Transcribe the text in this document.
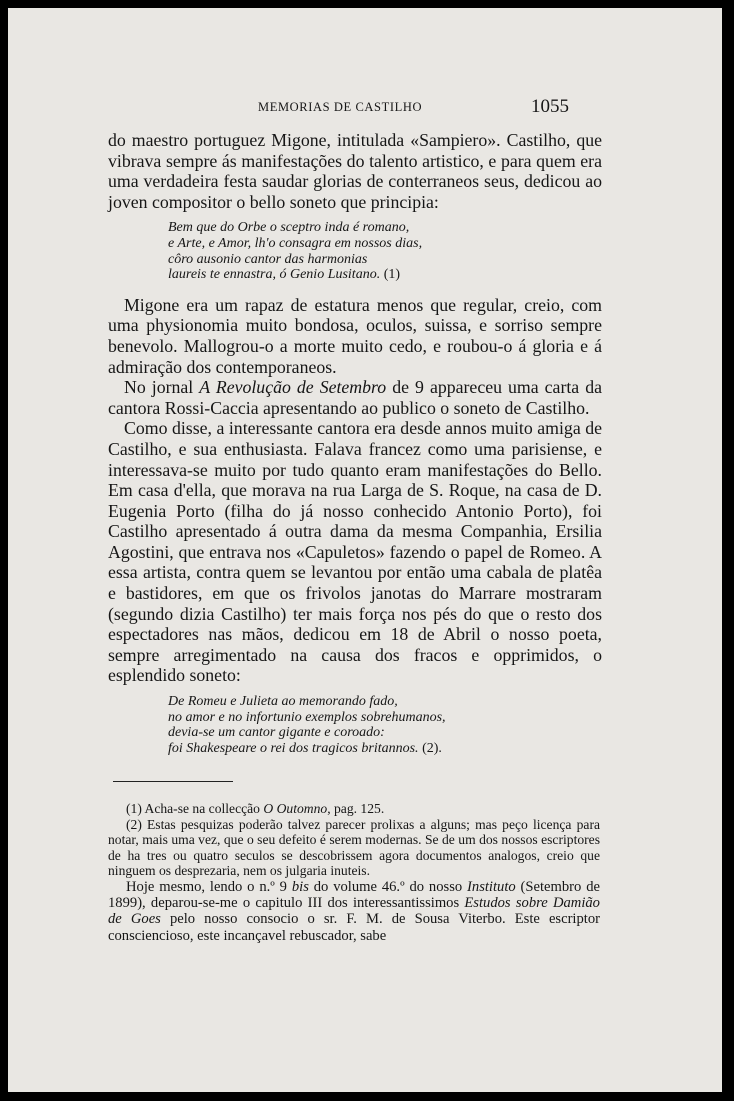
MEMORIAS DE CASTILHO	1055

do maestro portuguez Migone, intitulada «Sampiero». Castilho, que vibrava sempre ás manifestações do talento artistico, e para quem era uma verdadeira festa saudar glorias de conterraneos seus, dedicou ao joven compositor o bello soneto que principia:

Bem que do Orbe o sceptro inda é romano,
e Arte, e Amor, lh'o consagra em nossos dias,
côro ausonio cantor das harmonias
laureis te ennastra, ó Genio Lusitano. (1)

Migone era um rapaz de estatura menos que regular, creio, com uma physionomia muito bondosa, oculos, suissa, e sorriso sempre benevolo. Mallogrou-o a morte muito cedo, e roubou-o á gloria e á admiração dos contemporaneos.

No jornal A Revolução de Setembro de 9 appareceu uma carta da cantora Rossi-Caccia apresentando ao publico o soneto de Castilho.

Como disse, a interessante cantora era desde annos muito amiga de Castilho, e sua enthusiasta. Falava francez como uma parisiense, e interessava-se muito por tudo quanto eram manifestações do Bello. Em casa d'ella, que morava na rua Larga de S. Roque, na casa de D. Eugenia Porto (filha do já nosso conhecido Antonio Porto), foi Castilho apresentado á outra dama da mesma Companhia, Ersilia Agostini, que entrava nos «Capuletos» fazendo o papel de Romeo. A essa artista, contra quem se levantou por então uma cabala de platêa e bastidores, em que os frivolos janotas do Marrare mostraram (segundo dizia Castilho) ter mais força nos pés do que o resto dos espectadores nas mãos, dedicou em 18 de Abril o nosso poeta, sempre arregimentado na causa dos fracos e opprimidos, o esplendido soneto:

De Romeu e Julieta ao memorando fado,
no amor e no infortunio exemplos sobrehumanos,
devia-se um cantor gigante e coroado:
foi Shakespeare o rei dos tragicos britannos. (2).

(1) Acha-se na collecção O Outomno, pag. 125.

(2) Estas pesquizas poderão talvez parecer prolixas a alguns; mas peço licença para notar, mais uma vez, que o seu defeito é serem modernas. Se de um dos nossos escriptores de ha tres ou quatro seculos se descobrissem agora documentos analogos, creio que ninguem os desprezaria, nem os julgaria inuteis.

Hoje mesmo, lendo o n.º 9 bis do volume 46.º do nosso Instituto (Setembro de 1899), deparou-se-me o capitulo III dos interessantissimos Estudos sobre Damião de Goes pelo nosso consocio o sr. F. M. de Sousa Viterbo. Este escriptor consciencioso, este incançavel rebuscador, sabe
